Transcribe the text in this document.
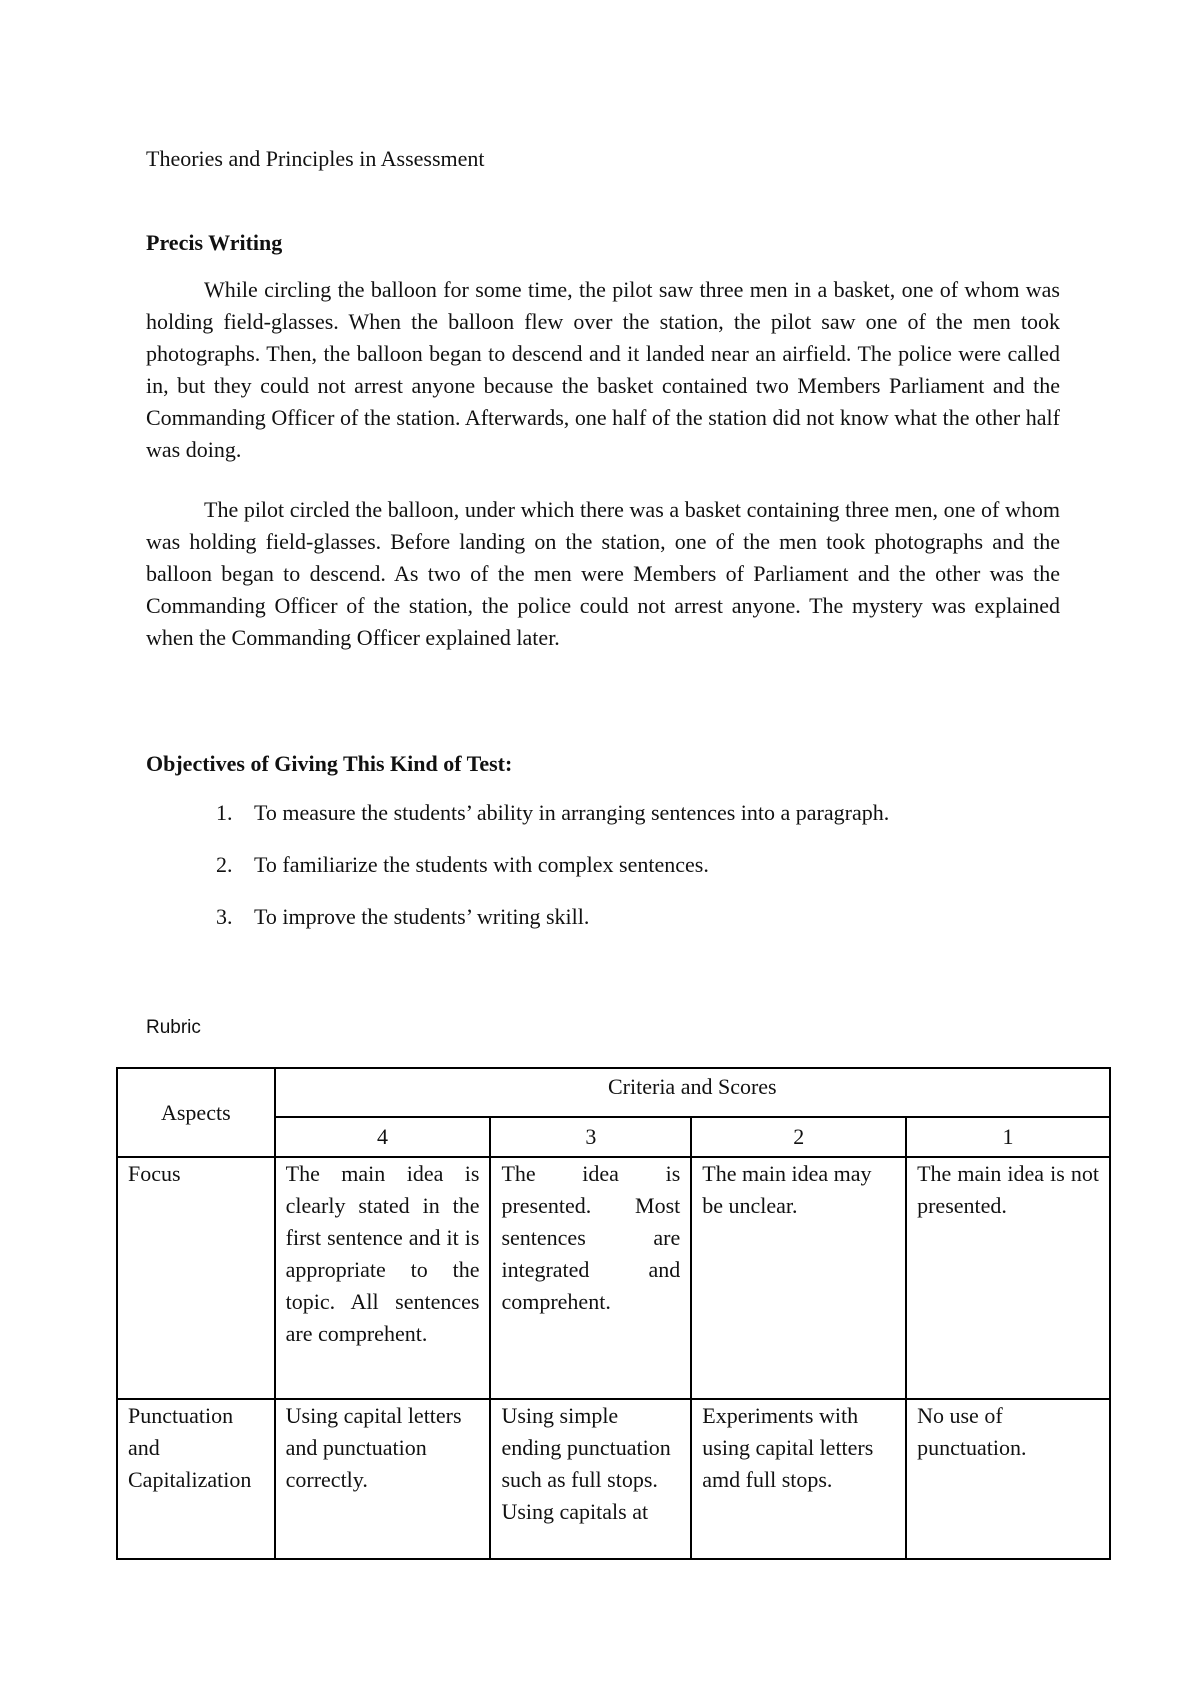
Theories and Principles in Assessment
Precis Writing

While circling the balloon for some time, the pilot saw three men in a basket, one of whom was holding field-glasses. When the balloon flew over the station, the pilot saw one of the men took photographs. Then, the balloon began to descend and it landed near an airfield. The police were called in, but they could not arrest anyone because the basket contained two Members Parliament and the Commanding Officer of the station. Afterwards, one half of the station did not know what the other half was doing.

The pilot circled the balloon, under which there was a basket containing three men, one of whom was holding field-glasses. Before landing on the station, one of the men took photographs and the balloon began to descend. As two of the men were Members of Parliament and the other was the Commanding Officer of the station, the police could not arrest anyone. The mystery was explained when the Commanding Officer explained later.

Objectives of Giving This Kind of Test:
1. To measure the students’ ability in arranging sentences into a paragraph.
2. To familiarize the students with complex sentences.
3. To improve the students’ writing skill.
Rubric
Aspects	Criteria and Scores			
	4	3	2	1
Focus	The main idea is clearly stated in the first sentence and it is appropriate to the topic. All sentences are comprehent.	The idea is presented. Most sentences are integrated and comprehent.	The main idea may be unclear.	The main idea is not presented.
Punctuation and Capitalization	Using capital letters and punctuation correctly.	Using simple ending punctuation such as full stops. Using capitals at	Experiments with using capital letters amd full stops.	No use of punctuation.
